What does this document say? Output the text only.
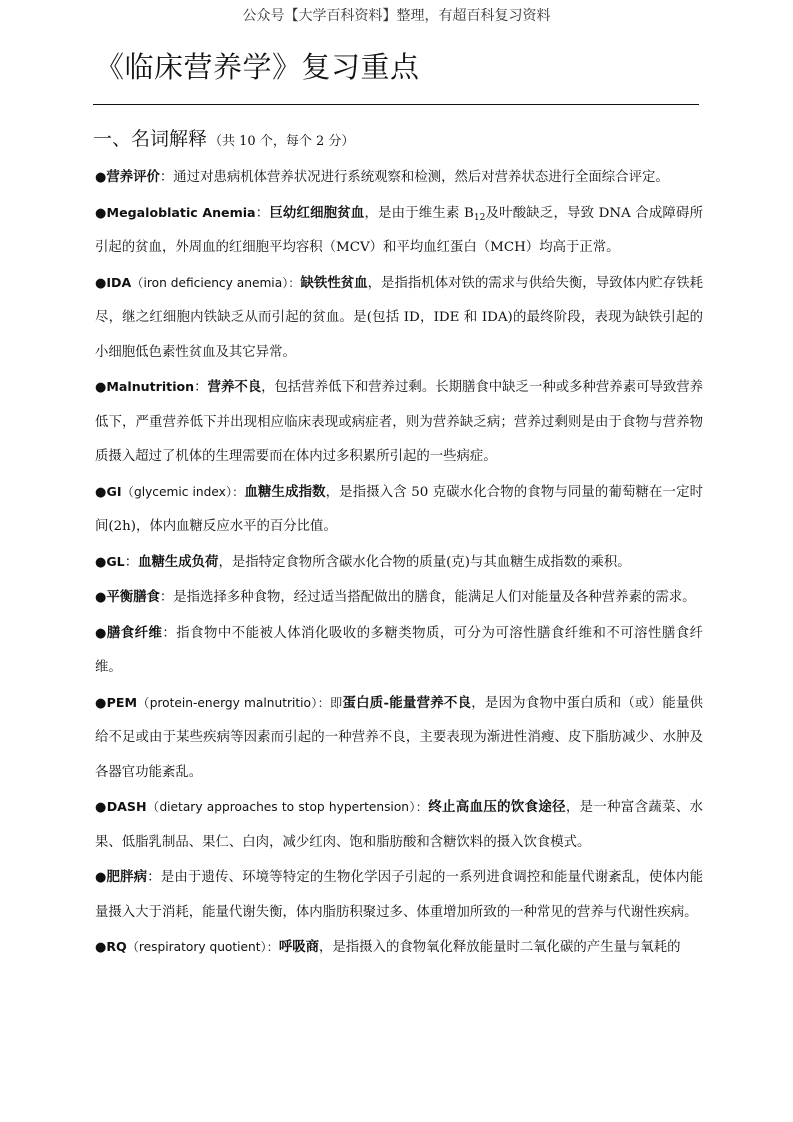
公众号【大学百科资料】整理，有超百科复习资料
《临床营养学》复习重点
一、名词解释 （共 10 个，每个 2 分）

●营养评价：通过对患病机体营养状况进行系统观察和检测，然后对营养状态进行全面综合评定。

●Megaloblatic Anemia：巨幼红细胞贫血，是由于维生素 $B_{12}$及叶酸缺乏，导致 DNA 合成障碍所引起的贫血，外周血的红细胞平均容积（MCV）和平均血红蛋白（MCH）均高于正常。

●IDA（iron deficiency anemia）：缺铁性贫血，是指指机体对铁的需求与供给失衡，导致体内贮存铁耗尽，继之红细胞内铁缺乏从而引起的贫血。是(包括 ID，IDE 和 IDA)的最终阶段，表现为缺铁引起的小细胞低色素性贫血及其它异常。

●Malnutrition：营养不良，包括营养低下和营养过剩。长期膳食中缺乏一种或多种营养素可导致营养低下，严重营养低下并出现相应临床表现或病症者，则为营养缺乏病；营养过剩则是由于食物与营养物质摄入超过了机体的生理需要而在体内过多积累所引起的一些病症。

●GI（glycemic index）：血糖生成指数，是指摄入含 50 克碳水化合物的食物与同量的葡萄糖在一定时间(2h)，体内血糖反应水平的百分比值。

●GL：血糖生成负荷，是指特定食物所含碳水化合物的质量(克)与其血糖生成指数的乘积。

●平衡膳食：是指选择多种食物，经过适当搭配做出的膳食，能满足人们对能量及各种营养素的需求。

●膳食纤维：指食物中不能被人体消化吸收的多糖类物质，可分为可溶性膳食纤维和不可溶性膳食纤维。

●PEM（protein-energy malnutritio）：即蛋白质-能量营养不良，是因为食物中蛋白质和（或）能量供给不足或由于某些疾病等因素而引起的一种营养不良，主要表现为渐进性消瘦、皮下脂肪减少、水肿及各器官功能紊乱。

●DASH（dietary approaches to stop hypertension）：终止高血压的饮食途径，是一种富含蔬菜、水果、低脂乳制品、果仁、白肉，减少红肉、饱和脂肪酸和含糖饮料的摄入饮食模式。

●肥胖病：是由于遗传、环境等特定的生物化学因子引起的一系列进食调控和能量代谢紊乱，使体内能量摄入大于消耗，能量代谢失衡，体内脂肪积聚过多、体重增加所致的一种常见的营养与代谢性疾病。

●RQ（respiratory quotient）：呼吸商，是指摄入的食物氧化释放能量时二氧化碳的产生量与氧耗的
